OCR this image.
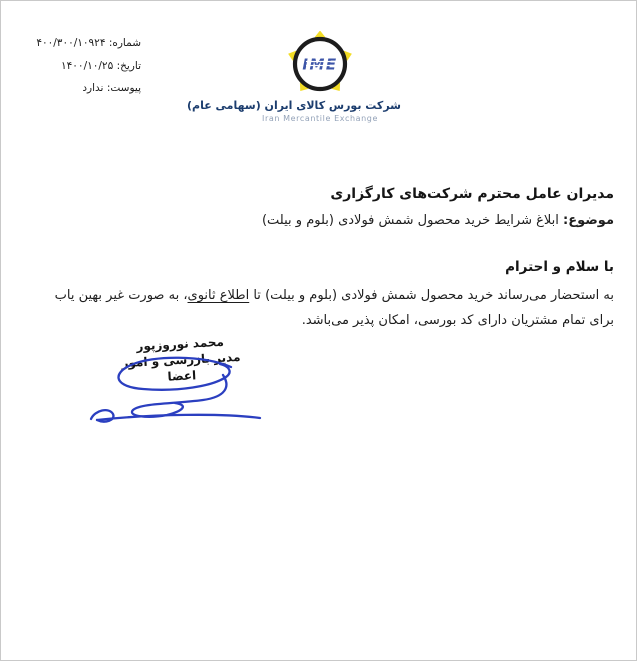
شماره: ۴۰۰/۳۰۰/۱۰۹۲۴
تاریخ: ۱۴۰۰/۱۰/۲۵
پیوست: ندارد
IME
شرکت بورس کالای ایران (سهامی عام)
Iran Mercantile Exchange
مدیران عامل محترم شرکت‌های کارگزاری
موضوع: ابلاغ شرایط خرید محصول شمش فولادی (بلوم و بیلت)
با سلام و احترام

به استحضار می‌رساند خرید محصول شمش فولادی (بلوم و بیلت) تا اطلاع ثانوی، به صورت غیر بهین یاب برای تمام مشتریان دارای کد بورسی، امکان پذیر می‌باشد.

محمد نوروزپور
مدیر بازرسی و امور اعضا
